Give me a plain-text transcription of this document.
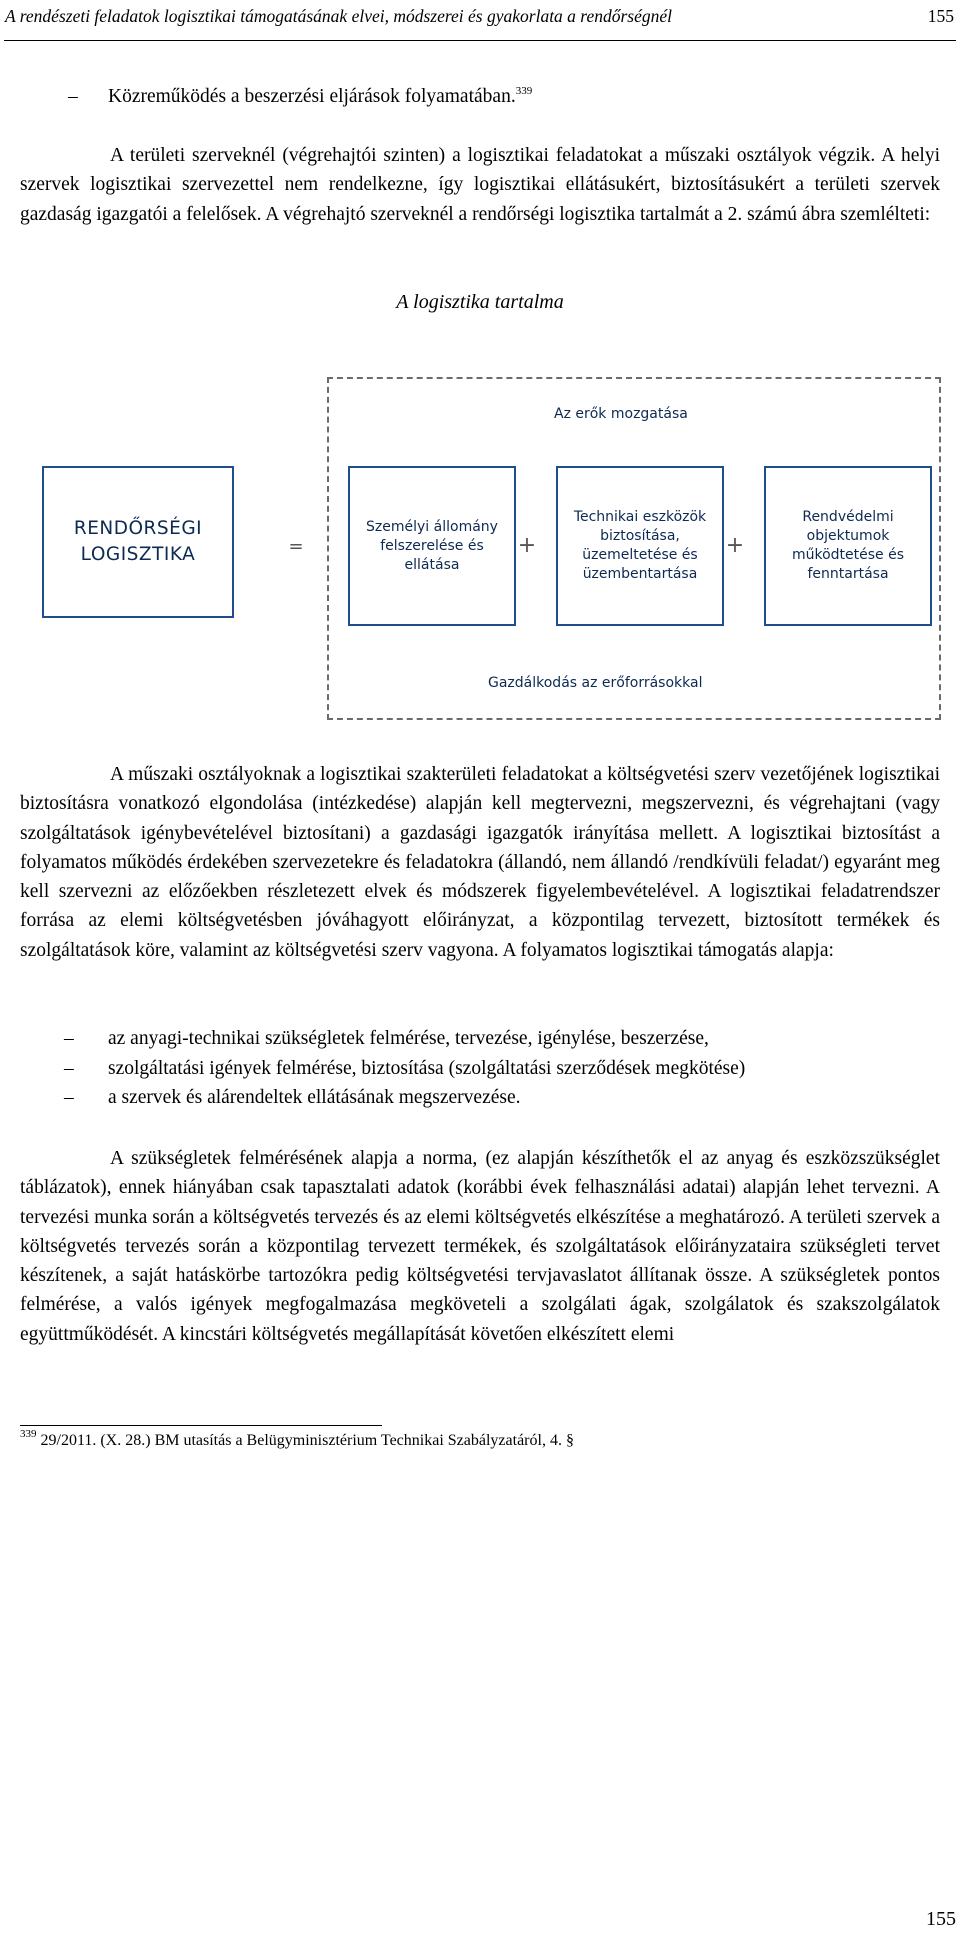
A rendészeti feladatok logisztikai támogatásának elvei, módszerei és gyakorlata a rendőrségnél	155
– Közreműködés a beszerzési eljárások folyamatában.$^{339}$

A területi szerveknél (végrehajtói szinten) a logisztikai feladatokat a műszaki osztályok végzik. A helyi szervek logisztikai szervezettel nem rendelkezne, így logisztikai ellátásukért, biztosításukért a területi szervek gazdaság igazgatói a felelősek. A végrehajtó szerveknél a rendőrségi logisztika tartalmát a 2. számú ábra szemlélteti:

A logisztika tartalma
Az erők mozgatása
RENDŐRSÉGI LOGISZTIKA	=
Személyi állomány felszerelése és ellátása
+
Technikai eszközök biztosítása, üzemeltetése és üzembentartása
+
Rendvédelmi objektumok működtetése és fenntartása
Gazdálkodás az erőforrásokkal

A műszaki osztályoknak a logisztikai szakterületi feladatokat a költségvetési szerv vezetőjének logisztikai biztosításra vonatkozó elgondolása (intézkedése) alapján kell megtervezni, megszervezni, és végrehajtani (vagy szolgáltatások igénybevételével biztosítani) a gazdasági igazgatók irányítása mellett. A logisztikai biztosítást a folyamatos működés érdekében szervezetekre és feladatokra (állandó, nem állandó /rendkívüli feladat/) egyaránt meg kell szervezni az előzőekben részletezett elvek és módszerek figyelembevételével. A logisztikai feladatrendszer forrása az elemi költségvetésben jóváhagyott előirányzat, a központilag tervezett, biztosított termékek és szolgáltatások köre, valamint az költségvetési szerv vagyona. A folyamatos logisztikai támogatás alapja:

– az anyagi-technikai szükségletek felmérése, tervezése, igénylése, beszerzése,
– szolgáltatási igények felmérése, biztosítása (szolgáltatási szerződések megkötése)
– a szervek és alárendeltek ellátásának megszervezése.

A szükségletek felmérésének alapja a norma, (ez alapján készíthetők el az anyag és eszközszükséglet táblázatok), ennek hiányában csak tapasztalati adatok (korábbi évek felhasználási adatai) alapján lehet tervezni. A tervezési munka során a költségvetés tervezés és az elemi költségvetés elkészítése a meghatározó. A területi szervek a költségvetés tervezés során a központilag tervezett termékek, és szolgáltatások előirányzataira szükségleti tervet készítenek, a saját hatáskörbe tartozókra pedig költségvetési tervjavaslatot állítanak össze. A szükségletek pontos felmérése, a valós igények megfogalmazása megköveteli a szolgálati ágak, szolgálatok és szakszolgálatok együttműködését. A kincstári költségvetés megállapítását követően elkészített elemi

$^{339}$ 29/2011. (X. 28.) BM utasítás a Belügyminisztérium Technikai Szabályzatáról, 4. §
155
